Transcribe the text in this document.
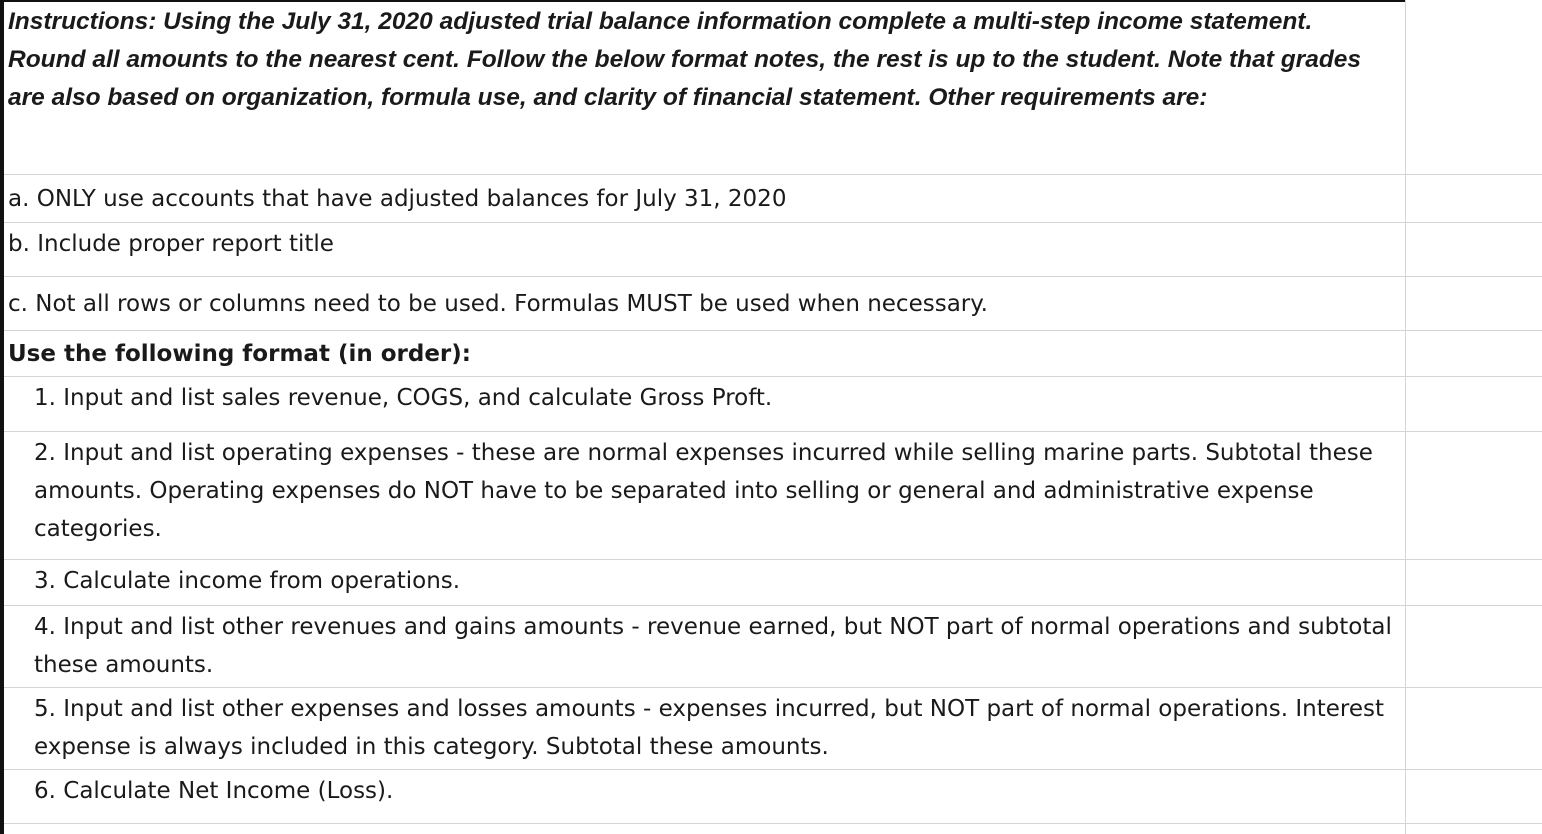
Instructions: Using the July 31, 2020 adjusted trial balance information complete a multi-step income statement. Round all amounts to the nearest cent. Follow the below format notes, the rest is up to the student. Note that grades are also based on organization, formula use, and clarity of financial statement. Other requirements are:
a. ONLY use accounts that have adjusted balances for July 31, 2020
b. Include proper report title
c. Not all rows or columns need to be used. Formulas MUST be used when necessary.
Use the following format (in order):
1. Input and list sales revenue, COGS, and calculate Gross Proft.
2. Input and list operating expenses - these are normal expenses incurred while selling marine parts. Subtotal these amounts. Operating expenses do NOT have to be separated into selling or general and administrative expense categories.
3. Calculate income from operations.
4. Input and list other revenues and gains amounts - revenue earned, but NOT part of normal operations and subtotal these amounts.
5. Input and list other expenses and losses amounts - expenses incurred, but NOT part of normal operations. Interest expense is always included in this category. Subtotal these amounts.
6. Calculate Net Income (Loss).
